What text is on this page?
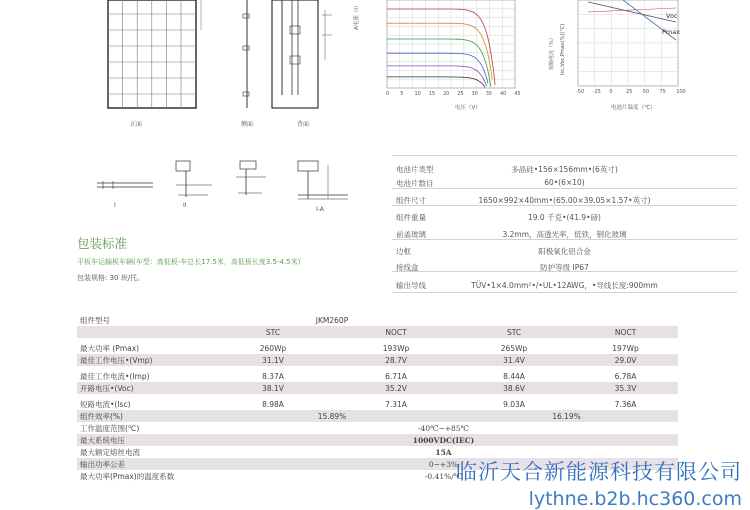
正面	侧面	背面
I	II
I-A
A电流（I）
电压（V）
0 5 10 15 20 25 30 35 40 45
Voc
Pmax
短路电流（%） Isc,Voc,Pmax(%)(°C)
-50 -25 0	25 50 75 100
电池片温度（℃）
电池片类型	多晶硅•156×156mm•(6英寸)
电池片数目	60•(6×10)
组件尺寸	1650×992×40mm•(65.00×39.05×1.57•英寸)
组件重量	19.0 千克•(41.9•磅)
前盖玻璃	3.2mm，高透光率，低铁，钢化玻璃
边框	阳极氧化铝合金
接线盒	防护等级 IP67
输出导线	TÜV•1×4.0mm²•/•UL•12AWG，•导线长度:900mm
包装标准
平板车运输板车辆(车型：高低板-车总长17.5米，高低板长度3.5-4.5米)
包装规格: 30 块/托。
组件型号	JKM260P			
	STC	NOCT	STC	NOCT

最大功率 (Pmax)	260Wp	193Wp	265Wp	197Wp
最佳工作电压•(Vmp)	31.1V	28.7V	31.4V	29.0V

最佳工作电流•(Imp)	8.37A	6.71A	8.44A	6.78A
开路电压•(Voc)	38.1V	35.2V	38.6V	35.3V

短路电流•(Isc)	8.98A	7.31A	9.03A	7.36A
组件效率(%)	15.89%		16.19%	
工作温度范围(℃)	-40℃~+85℃			
最大系统电压	1000VDC(IEC)			
最大额定熔丝电流	15A			
输出功率公差	0~+3%			
最大功率(Pmax)的温度系数	-0.41%/℃			
临沂天合新能源科技有限公司
lythne.b2b.hc360.com
